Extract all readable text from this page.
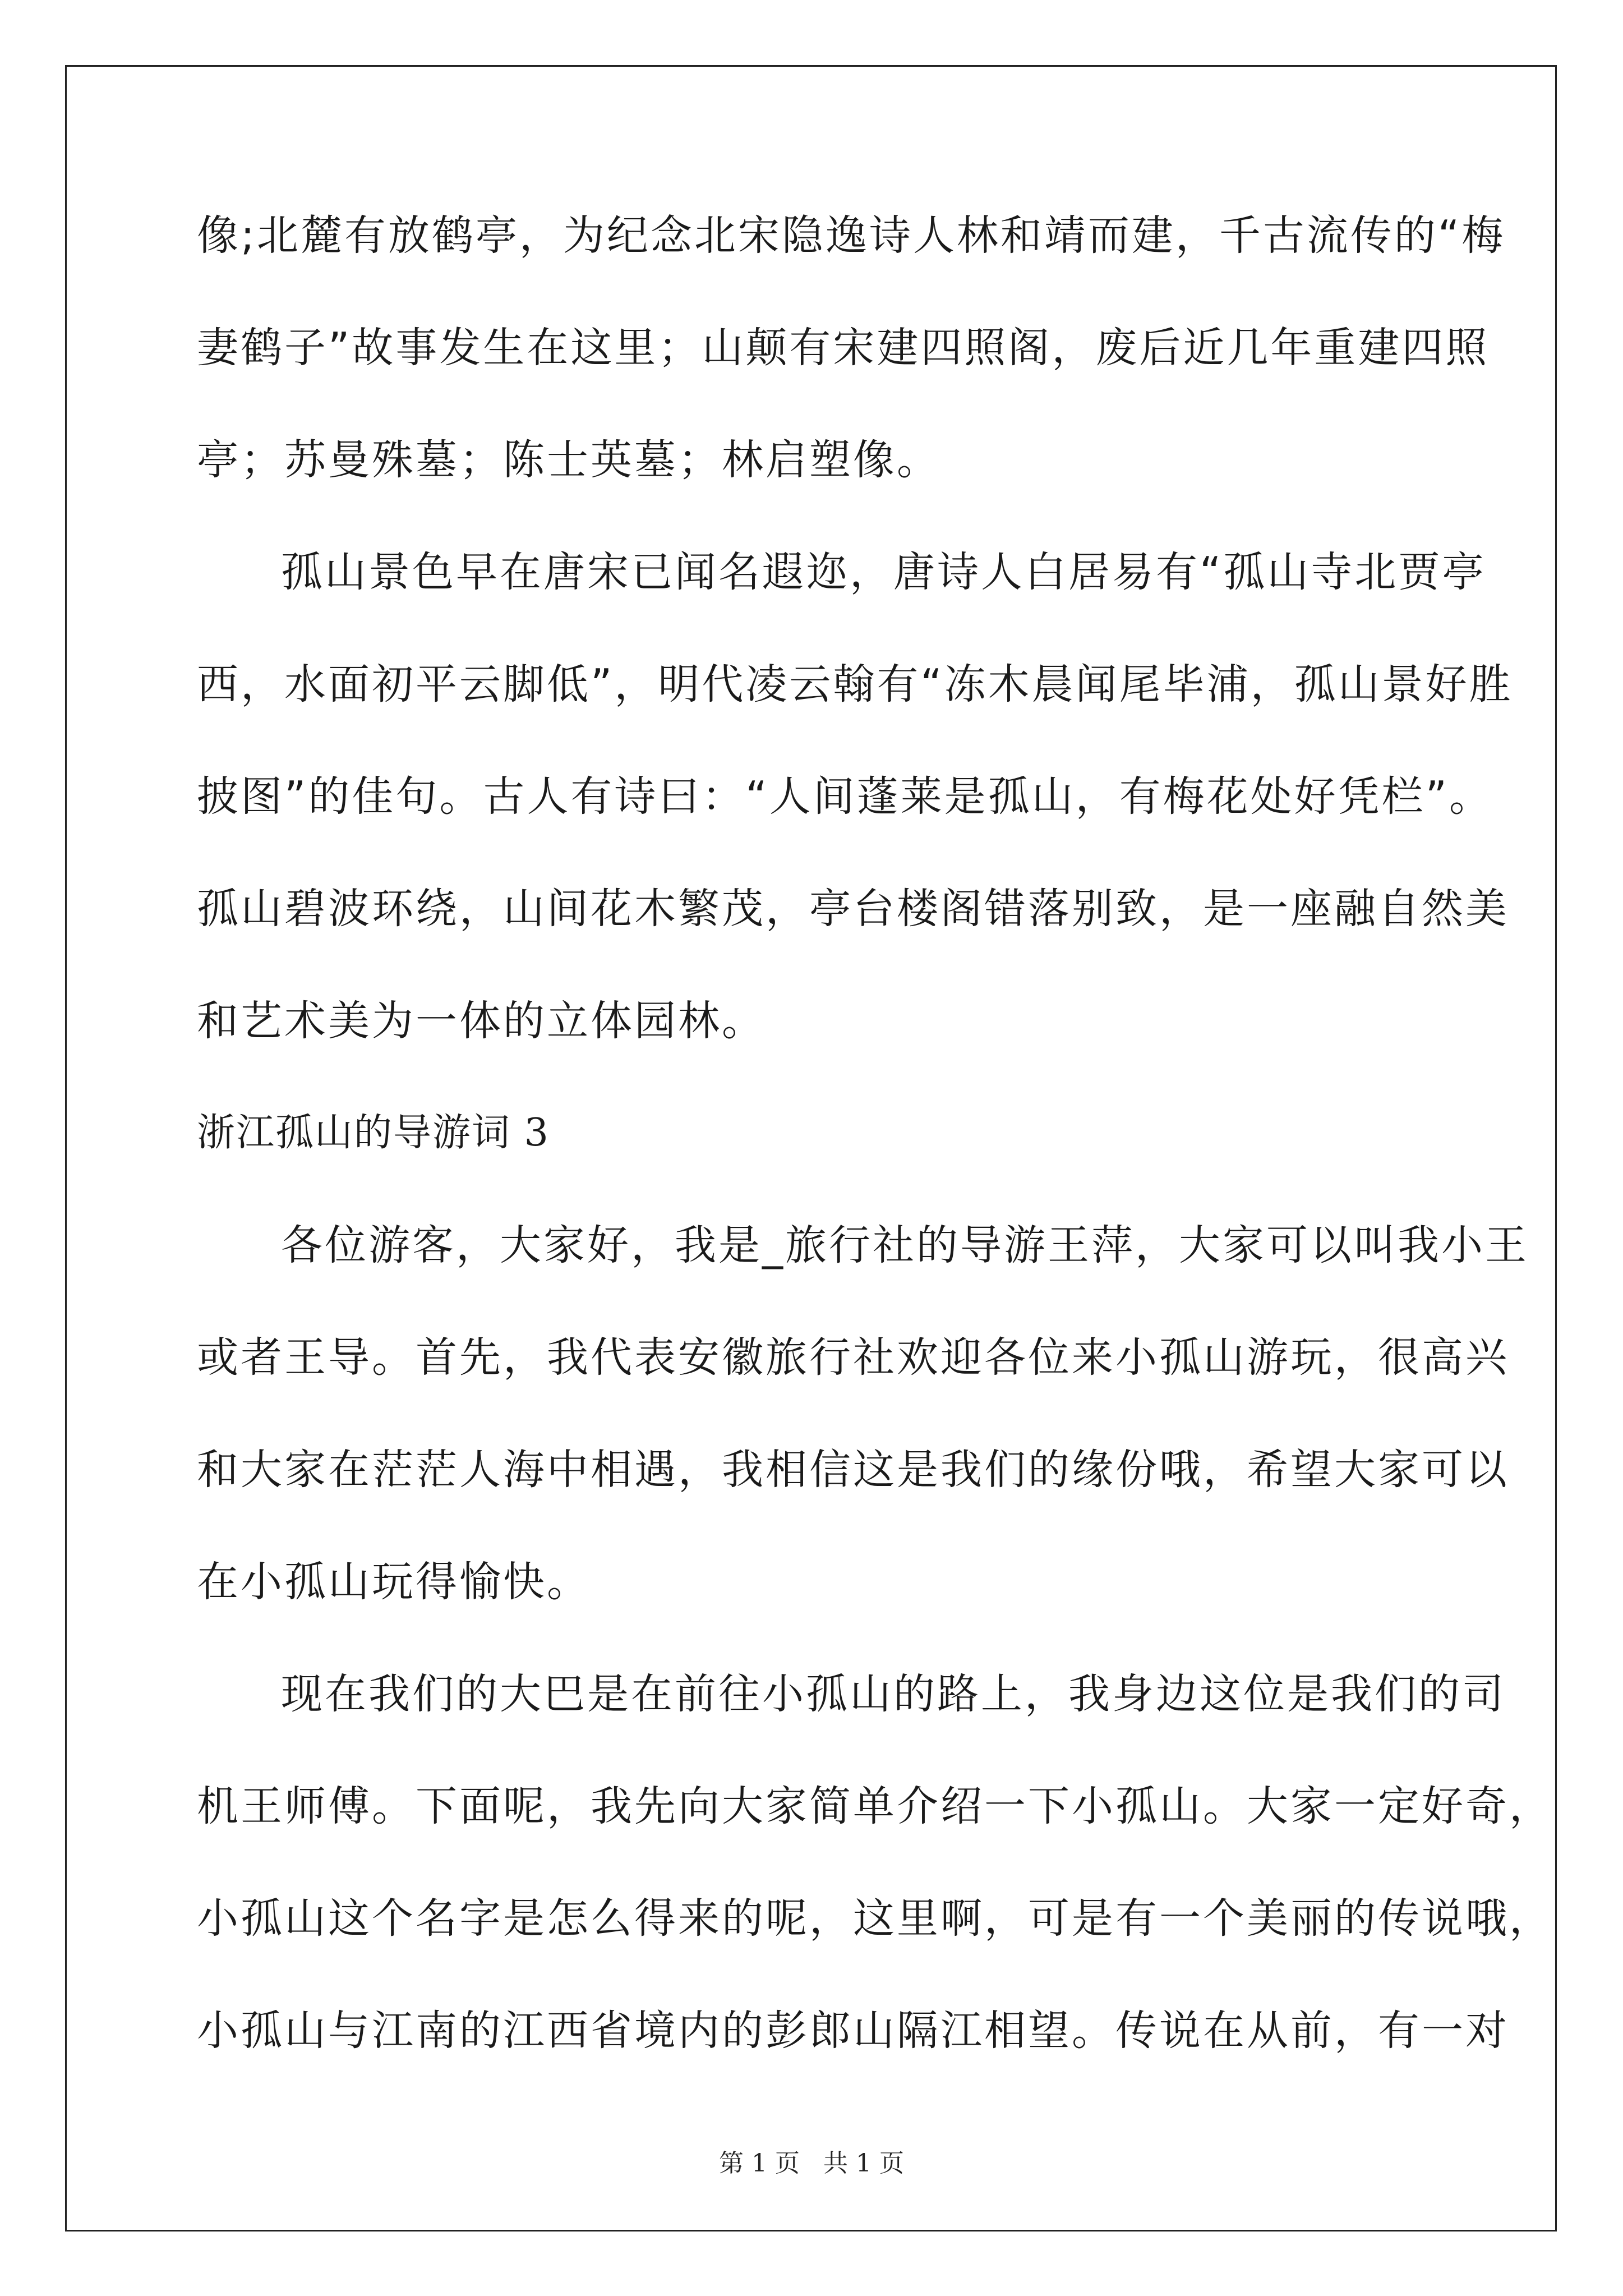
像;北麓有放鹤亭，为纪念北宋隐逸诗人林和靖而建，千古流传的“梅
妻鹤子”故事发生在这里；山颠有宋建四照阁，废后近几年重建四照
亭；苏曼殊墓；陈士英墓；林启塑像。
孤山景色早在唐宋已闻名遐迩，唐诗人白居易有“孤山寺北贾亭
西，水面初平云脚低”，明代凌云翰有“冻木晨闻尾毕浦，孤山景好胜
披图”的佳句。古人有诗曰：“人间蓬莱是孤山，有梅花处好凭栏”。
孤山碧波环绕，山间花木繁茂，亭台楼阁错落别致，是一座融自然美
和艺术美为一体的立体园林。
浙江孤山的导游词 3
各位游客，大家好，我是_旅行社的导游王萍，大家可以叫我小王
或者王导。首先，我代表安徽旅行社欢迎各位来小孤山游玩，很高兴
和大家在茫茫人海中相遇，我相信这是我们的缘份哦，希望大家可以
在小孤山玩得愉快。
现在我们的大巴是在前往小孤山的路上，我身边这位是我们的司
机王师傅。下面呢，我先向大家简单介绍一下小孤山。大家一定好奇，
小孤山这个名字是怎么得来的呢，这里啊，可是有一个美丽的传说哦，
小孤山与江南的江西省境内的彭郎山隔江相望。传说在从前，有一对
第 1 页 共 1 页
